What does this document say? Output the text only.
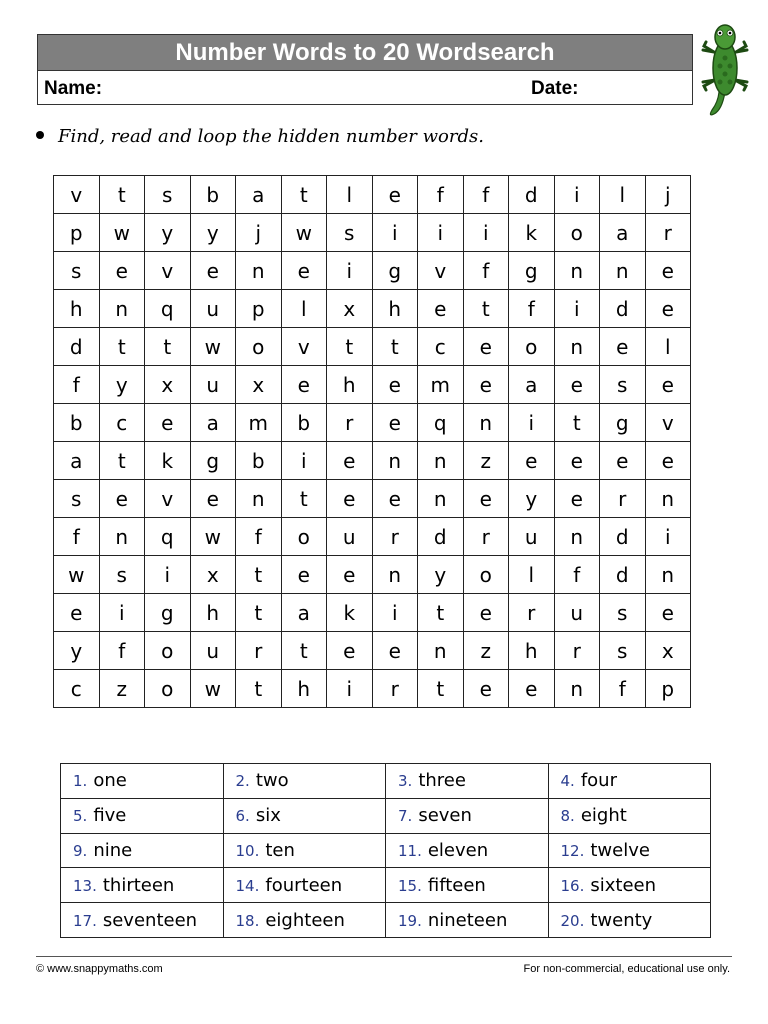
Number Words to 20 Wordsearch
Name:	Date:
Find, read and loop the hidden number words.
v	t	s	b	a	t	l	e	f	f	d	i	l	j
p	w	y	y	j	w	s	i	i	i	k	o	a	r
s	e	v	e	n	e	i	g	v	f	g	n	n	e
h	n	q	u	p	l	x	h	e	t	f	i	d	e
d	t	t	w	o	v	t	t	c	e	o	n	e	l
f	y	x	u	x	e	h	e	m	e	a	e	s	e
b	c	e	a	m	b	r	e	q	n	i	t	g	v
a	t	k	g	b	i	e	n	n	z	e	e	e	e
s	e	v	e	n	t	e	e	n	e	y	e	r	n
f	n	q	w	f	o	u	r	d	r	u	n	d	i
w	s	i	x	t	e	e	n	y	o	l	f	d	n
e	i	g	h	t	a	k	i	t	e	r	u	s	e
y	f	o	u	r	t	e	e	n	z	h	r	s	x
c	z	o	w	t	h	i	r	t	e	e	n	f	p
1. one	2. two	3. three	4. four
5. five	6. six	7. seven	8. eight
9. nine	10. ten	11. eleven	12. twelve
13. thirteen	14. fourteen	15. fifteen	16. sixteen
17. seventeen	18. eighteen	19. nineteen	20. twenty
© www.snappymaths.com	For non-commercial, educational use only.
